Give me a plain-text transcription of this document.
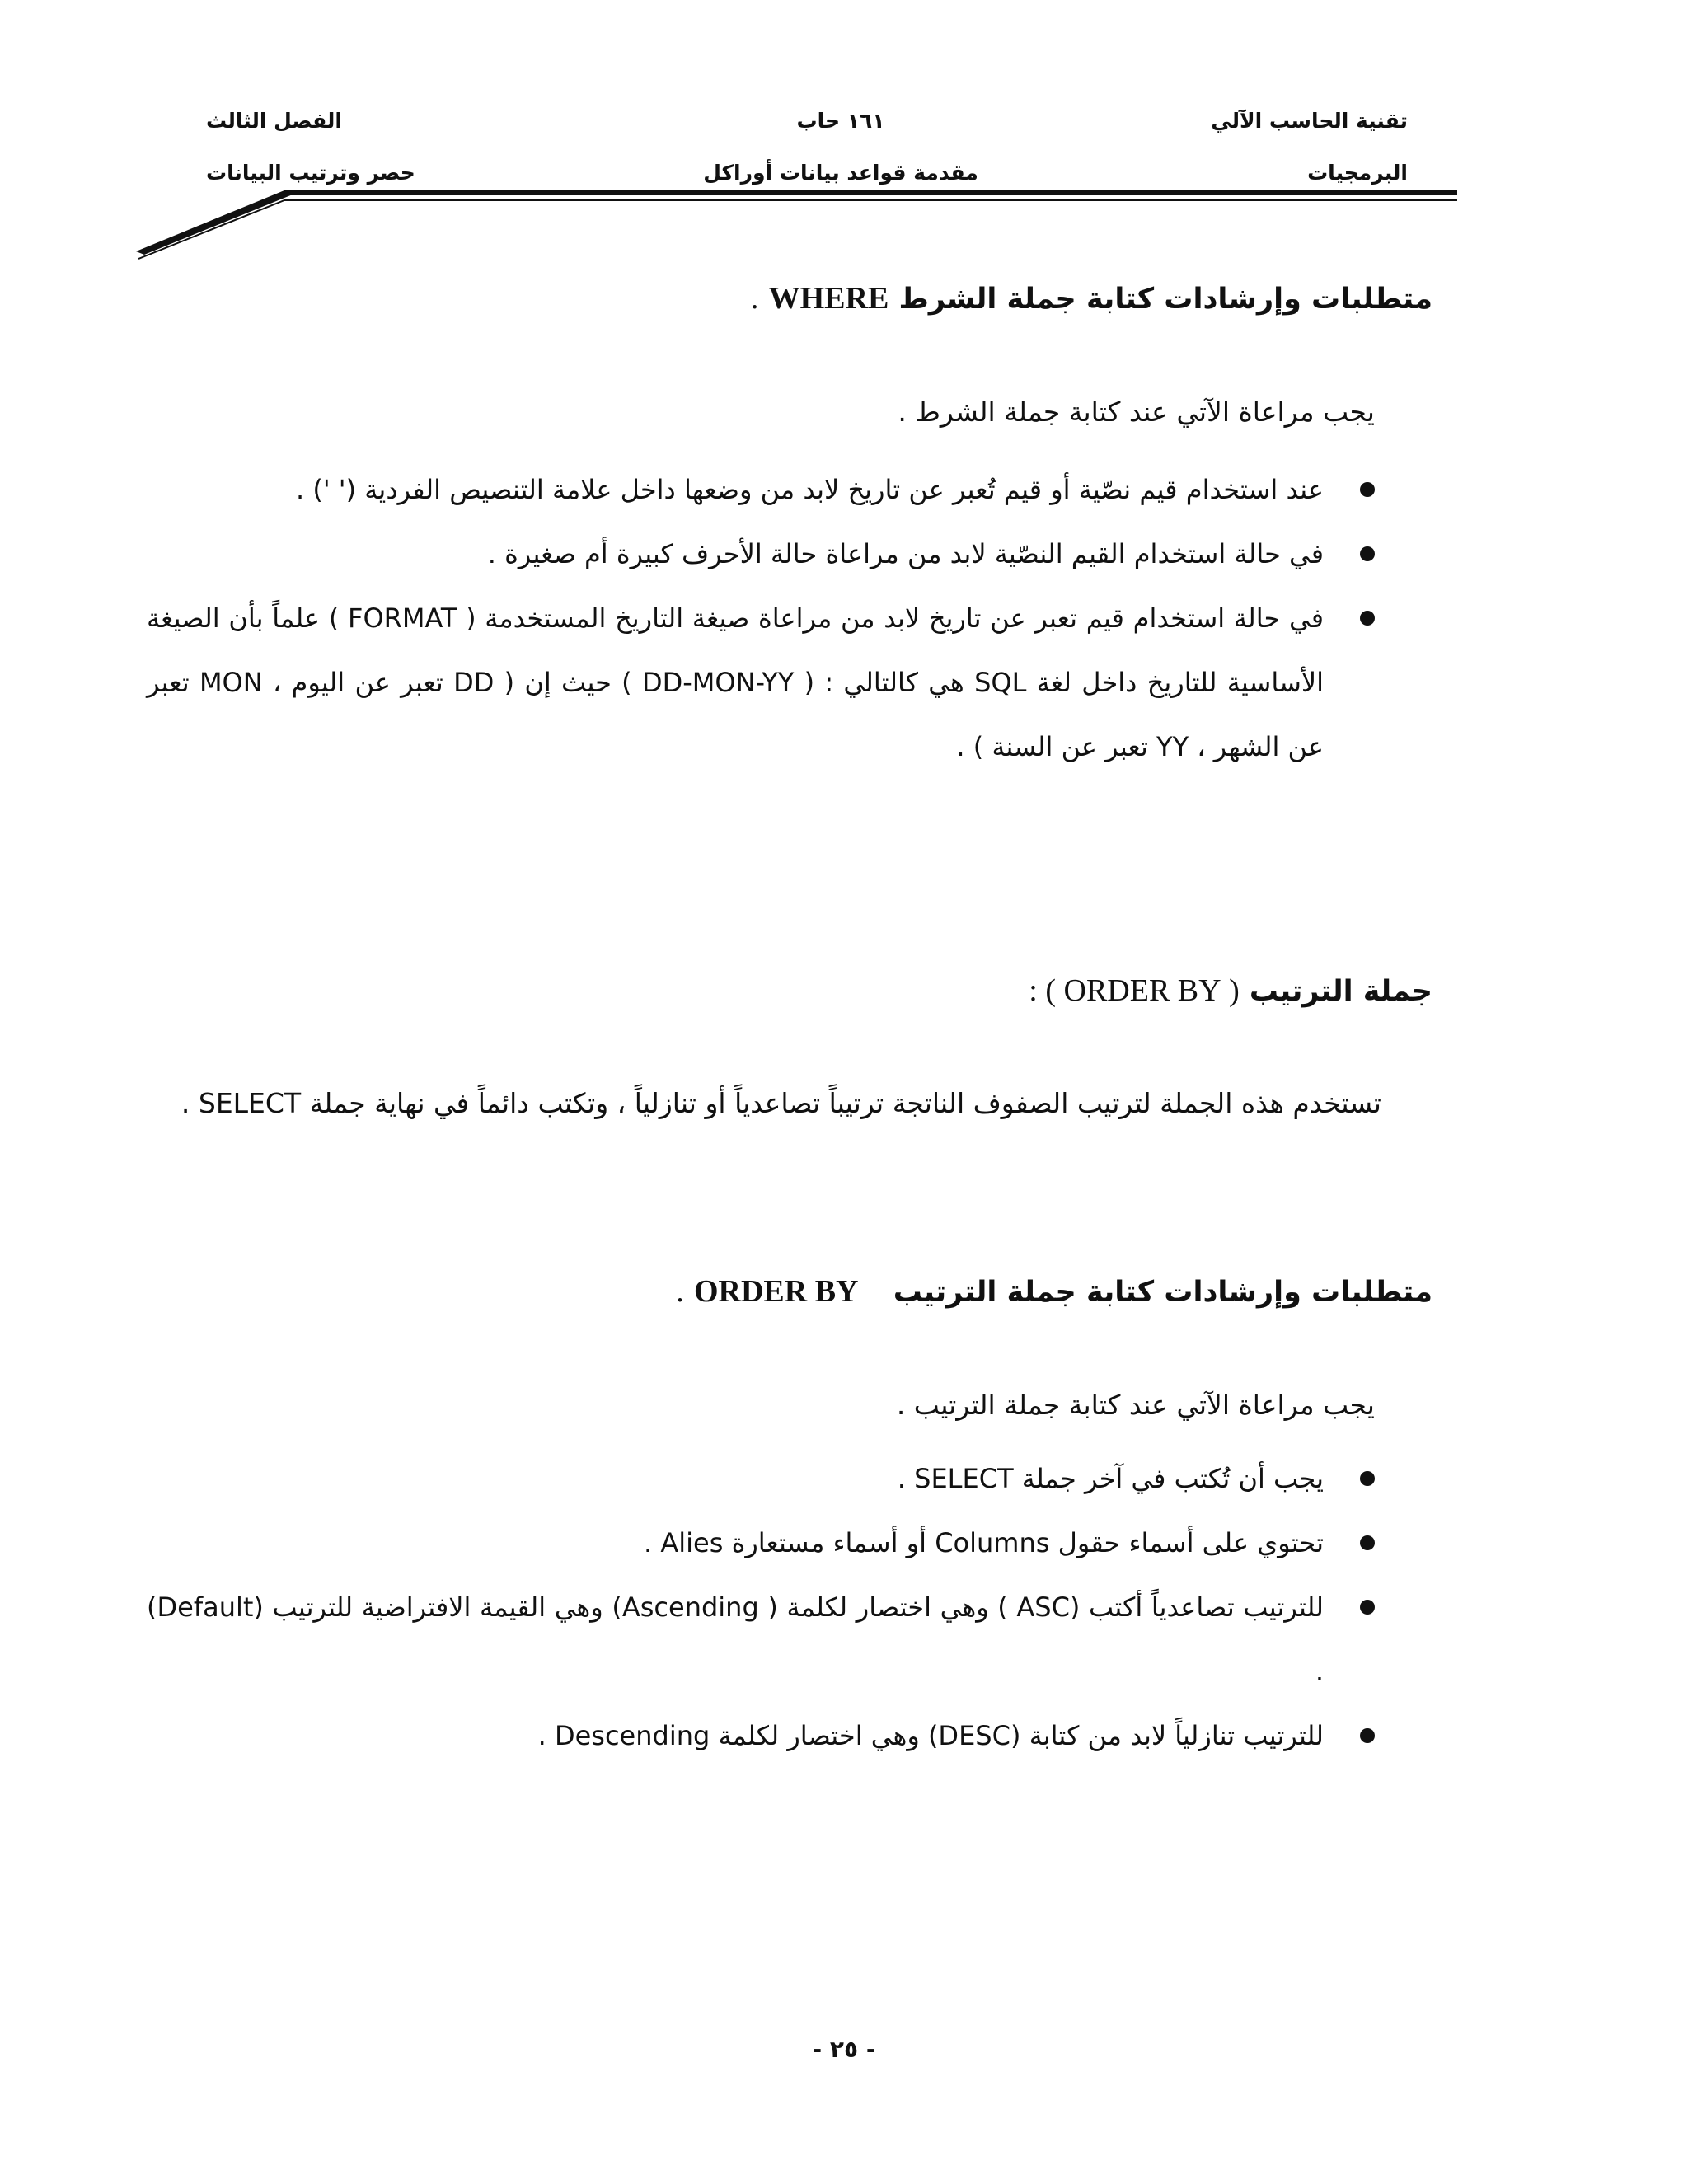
تقنية الحاسب الآلي
البرمجيات
١٦١ حاب
مقدمة قواعد بيانات أوراكل
الفصل الثالث
حصر وترتيب البيانات
متطلبات وإرشادات كتابة جملة الشرط WHERE .
يجب مراعاة الآتي عند كتابة جملة الشرط .
عند استخدام قيم نصّية أو قيم تُعبر عن تاريخ لابد من وضعها داخل علامة التنصيص الفردية (' ') .
في حالة استخدام القيم النصّية لابد من مراعاة حالة الأحرف كبيرة أم صغيرة .
في حالة استخدام قيم تعبر عن تاريخ لابد من مراعاة صيغة التاريخ المستخدمة ( FORMAT ) علماً بأن الصيغة الأساسية للتاريخ داخل لغة SQL هي كالتالي : ( DD-MON-YY ) حيث إن ( DD تعبر عن اليوم ، MON تعبر عن الشهر ، YY تعبر عن السنة ) .
جملة الترتيب ( ORDER BY ) :
تستخدم هذه الجملة لترتيب الصفوف الناتجة ترتيباً تصاعدياً أو تنازلياً ، وتكتب دائماً في نهاية جملة SELECT .
متطلبات وإرشادات كتابة جملة الترتيب ORDER BY .
يجب مراعاة الآتي عند كتابة جملة الترتيب .
يجب أن تُكتب في آخر جملة SELECT .
تحتوي على أسماء حقول Columns أو أسماء مستعارة Alies .
للترتيب تصاعدياً أكتب (ASC ) وهي اختصار لكلمة ( Ascending) وهي القيمة الافتراضية للترتيب (Default) .
للترتيب تنازلياً لابد من كتابة (DESC) وهي اختصار لكلمة Descending .
- ٢٥ -
